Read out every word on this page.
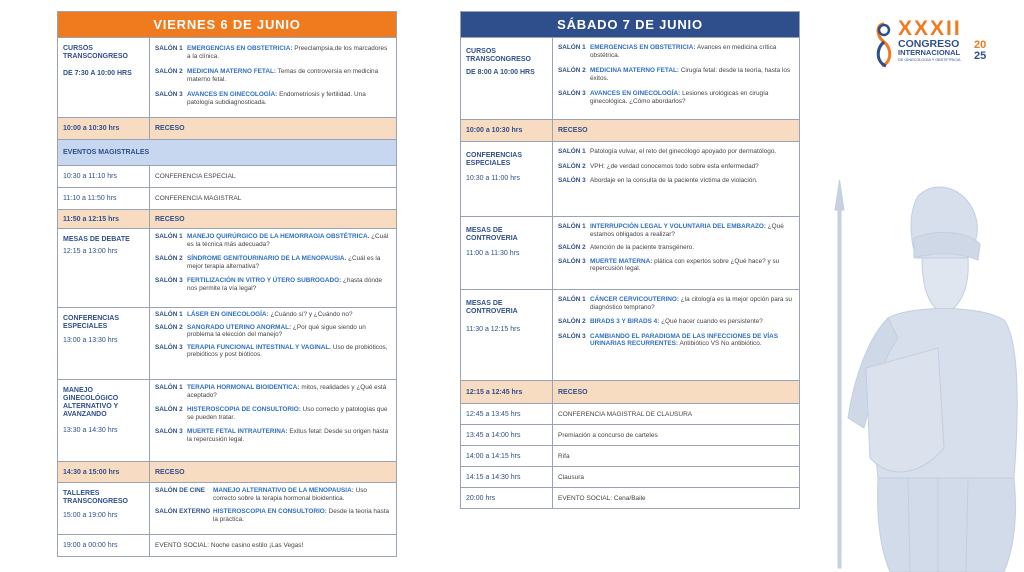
VIERNES 6 DE JUNIO
CURSOS TRANSCONGRESO
DE 7:30 A 10:00 HRS
SALÓN 1 EMERGENCIAS EN OBSTETRICIA: Preeclampsia,de los marcadores a la clínica.
SALÓN 2 MEDICINA MATERNO FETAL: Temas de controversia en medicina materno fetal.
SALÓN 3 AVANCES EN GINECOLOGÍA: Endometriosis y fertilidad. Una patología subdiagnosticada.
10:00 a 10:30 hrs	RECESO
EVENTOS MAGISTRALES
10:30 a 11:10 hrs	CONFERENCIA ESPECIAL
11:10 a 11:50 hrs	CONFERENCIA MAGISTRAL
11:50 a 12:15 hrs	RECESO
MESAS DE DEBATE
12:15 a 13:00 hrs
SALÓN 1 MANEJO QUIRÚRGICO DE LA HEMORRAGIA OBSTÉTRICA. ¿Cuál es la técnica más adecuada?
SALÓN 2 SÍNDROME GENITOURINARIO DE LA MENOPAUSIA. ¿Cuál es la mejor terapia alternativa?
SALÓN 3 FERTILIZACIÓN IN VITRO Y ÚTERO SUBROGADO: ¿hasta dónde nos permite la vía legal?
CONFERENCIAS ESPECIALES
13:00 a 13:30 hrs
SALÓN 1 LÁSER EN GINECOLOGÍA: ¿Cuándo sí? y ¿Cuándo no?
SALÓN 2 SANGRADO UTERINO ANORMAL: ¿Por qué sigue siendo un problema la elección del manejo?
SALÓN 3 TERAPIA FUNCIONAL INTESTINAL Y VAGINAL. Uso de probióticos, prebióticos y post bióticos.
MANEJO GINECOLÓGICO ALTERNATIVO Y AVANZANDO
13:30 a 14:30 hrs
SALÓN 1 TERAPIA HORMONAL BIOIDENTICA: mitos, realidades y ¿Qué está aceptado?
SALÓN 2 HISTEROSCOPIA DE CONSULTORIO: Uso correcto y patologías que se pueden tratar.
SALÓN 3 MUERTE FETAL INTRAUTERINA: Exitus fetal: Desde su origen hasta la repercusión legal.
14:30 a 15:00 hrs	RECESO
TALLERES TRANSCONGRESO
15:00 a 19:00 hrs
SALÓN DE CINE	MANEJO ALTERNATIVO DE LA MENOPAUSIA: Uso correcto sobre la terapia hormonal bioidentica.
SALÓN EXTERNO HISTEROSCOPIA EN CONSULTORIO: Desde la teoria hasta la práctica.
19:00 a 00:00 hrs	EVENTO SOCIAL: Noche casino estilo ¡Las Vegas!
SÁBADO 7 DE JUNIO
CURSOS TRANSCONGRESO
DE 8:00 A 10:00 HRS
SALÓN 1 EMERGENCIAS EN OBSTETRICIA: Avances en medicina crítica obstétrica.
SALÓN 2 MEDICINA MATERNO FETAL: Cirugía fetal: desde la teoría, hasta los éxitos.
SALÓN 3 AVANCES EN GINECOLOGÍA: Lesiones urológicas en cirugía ginecológica. ¿Cómo abordarlos?
10:00 a 10:30 hrs	RECESO
CONFERENCIAS ESPECIALES
10:30 a 11:00 hrs
SALÓN 1 Patología vulvar, el reto del ginecólogo apoyado por dermatólogo.
SALÓN 2 VPH: ¿de verdad conocemos todo sobre esta enfermedad?
SALÓN 3 Abordaje en la consulta de la paciente víctima de violación.
MESAS DE CONTROVERIA
11:00 a 11:30 hrs
SALÓN 1 INTERRUPCIÓN LEGAL Y VOLUNTARIA DEL EMBARAZO: ¿Qué estamos obligados a realizar?
SALÓN 2 Atención de la paciente transgénero.
SALÓN 3 MUERTE MATERNA: plática con expertos sobre ¿Qué hace? y su repercusión legal.
MESAS DE CONTROVERIA
11:30 a 12:15 hrs
SALÓN 1 CÁNCER CERVICOUTERINO: ¿la citología es la mejor opción para su diagnóstico temprano?
SALÓN 2 BIRADS 3 Y BIRADS 4: ¿Qué hacer cuando es persistente?
SALÓN 3 CAMBIANDO EL PARADIGMA DE LAS INFECCIONES DE VÍAS URINARIAS RECURRENTES: Antibiótico VS No antibiótico.
12:15 a 12:45 hrs	RECESO
12:45 a 13:45 hrs	CONFERENCIA MAGISTRAL DE CLAUSURA
13:45 a 14:00 hrs	Premiación a concurso de carteles
14:00 a 14:15 hrs	Rifa
14:15 a 14:30 hrs	Clausura
20:00 hrs	EVENTO SOCIAL: Cena/Baile
XXXII
CONGRESO
INTERNACIONAL
DE GINECOLOGÍA Y OBSTETRICIA
20
25
